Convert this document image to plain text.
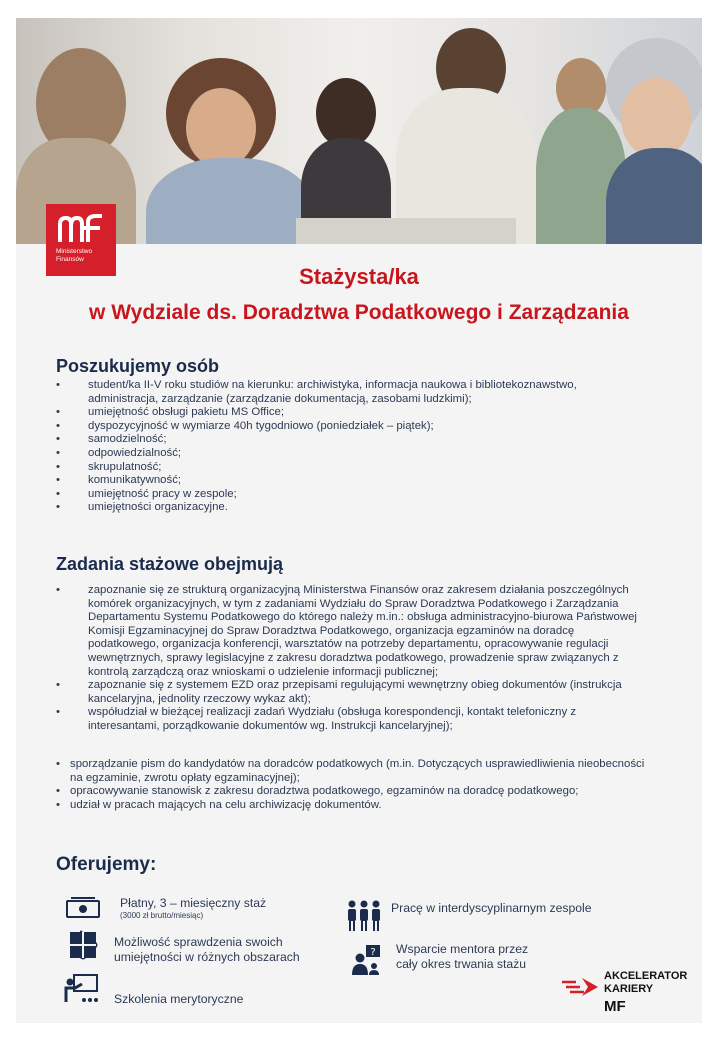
Ministerstwo
Finansów
Stażysta/ka
w Wydziale ds. Doradztwa Podatkowego i Zarządzania
Poszukujemy osób
• student/ka II-V roku studiów na kierunku: archiwistyka, informacja naukowa i bibliotekoznawstwo, administracja, zarządzanie (zarządzanie dokumentacją, zasobami ludzkimi);
• umiejętność obsługi pakietu MS Office;
• dyspozycyjność w wymiarze 40h tygodniowo (poniedziałek – piątek);
• samodzielność;
• odpowiedzialność;
• skrupulatność;
• komunikatywność;
• umiejętność pracy w zespole;
• umiejętności organizacyjne.
Zadania stażowe obejmują
• zapoznanie się ze strukturą organizacyjną Ministerstwa Finansów oraz zakresem działania poszczególnych komórek organizacyjnych, w tym z zadaniami Wydziału do Spraw Doradztwa Podatkowego i Zarządzania Departamentu Systemu Podatkowego do którego należy m.in.: obsługa administracyjno-biurowa Państwowej Komisji Egzaminacyjnej do Spraw Doradztwa Podatkowego, organizacja egzaminów na doradcę podatkowego, organizacja konferencji, warsztatów na potrzeby departamentu, opracowywanie regulacji wewnętrznych, sprawy legislacyjne z zakresu doradztwa podatkowego, prowadzenie spraw związanych z kontrolą zarządczą oraz wnioskami o udzielenie informacji publicznej;
• zapoznanie się z systemem EZD oraz przepisami regulującymi wewnętrzny obieg dokumentów (instrukcja kancelaryjna, jednolity rzeczowy wykaz akt);
• współudział w bieżącej realizacji zadań Wydziału (obsługa korespondencji, kontakt telefoniczny z interesantami, porządkowanie dokumentów wg. Instrukcji kancelaryjnej);
• sporządzanie pism do kandydatów na doradców podatkowych (m.in. Dotyczących usprawiedliwienia nieobecności na egzaminie, zwrotu opłaty egzaminacyjnej);
• opracowywanie stanowisk z zakresu doradztwa podatkowego, egzaminów na doradcę podatkowego;
• udział w pracach mających na celu archiwizację dokumentów.
Oferujemy:
Płatny, 3 – miesięczny staż
(3000 zł brutto/miesiąc)
Możliwość sprawdzenia swoich umiejętności w różnych obszarach
Szkolenia merytoryczne
Pracę w interdyscyplinarnym zespole
? Wsparcie mentora przez cały okres trwania stażu
AKCELERATOR
KARIERY
MF
